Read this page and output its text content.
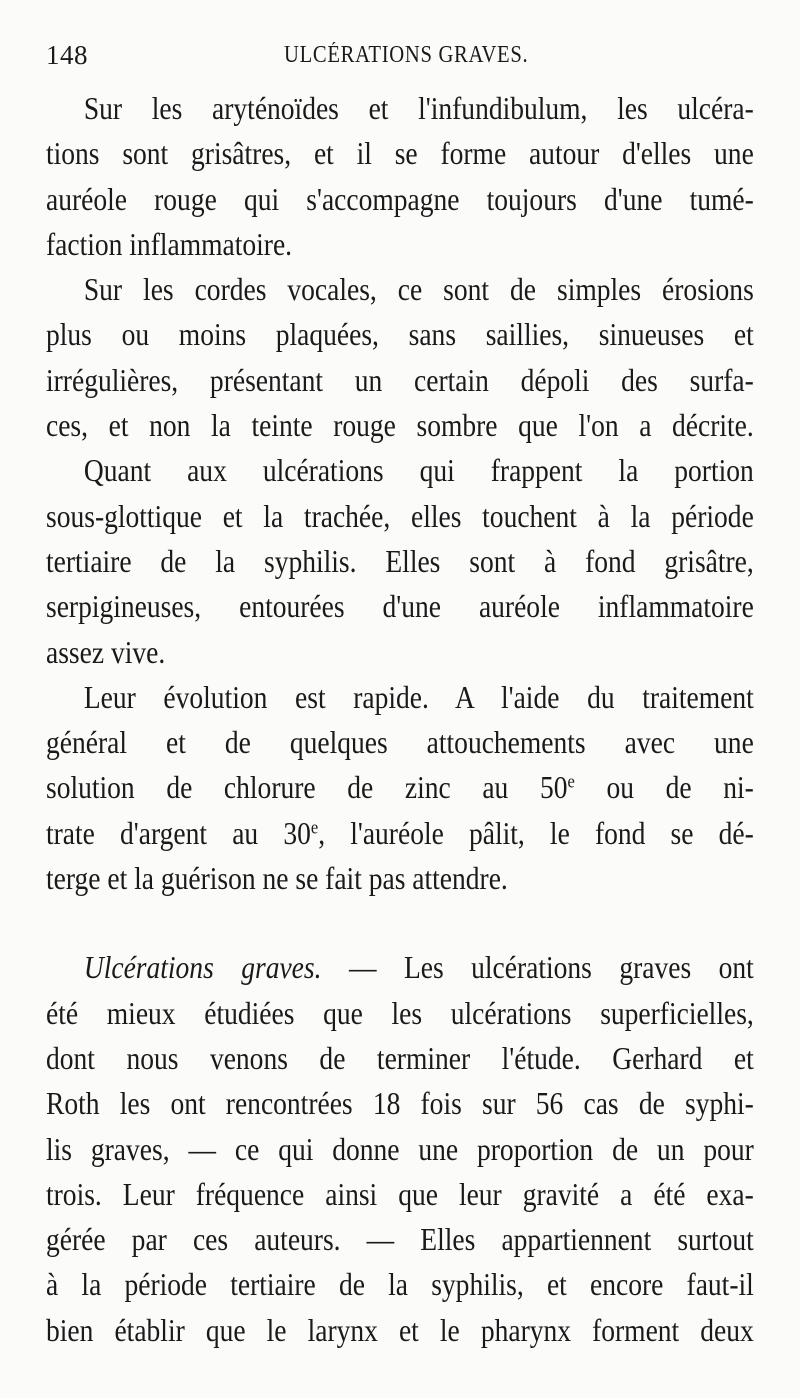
148	ULCÉRATIONS GRAVES.
Sur les aryténoïdes et l'infundibulum, les ulcéra-
tions sont grisâtres, et il se forme autour d'elles une
auréole rouge qui s'accompagne toujours d'une tumé-
faction inflammatoire.
Sur les cordes vocales, ce sont de simples érosions
plus ou moins plaquées, sans saillies, sinueuses et
irrégulières, présentant un certain dépoli des surfa-
ces, et non la teinte rouge sombre que l'on a décrite.
Quant aux ulcérations qui frappent la portion
sous-glottique et la trachée, elles touchent à la période
tertiaire de la syphilis. Elles sont à fond grisâtre,
serpigineuses, entourées d'une auréole inflammatoire
assez vive.
Leur évolution est rapide. A l'aide du traitement
général et de quelques attouchements avec une
solution de chlorure de zinc au 50e ou de ni-
trate d'argent au 30e, l'auréole pâlit, le fond se dé-
terge et la guérison ne se fait pas attendre.
Ulcérations graves. — Les ulcérations graves ont
été mieux étudiées que les ulcérations superficielles,
dont nous venons de terminer l'étude. Gerhard et
Roth les ont rencontrées 18 fois sur 56 cas de syphi-
lis graves, — ce qui donne une proportion de un pour
trois. Leur fréquence ainsi que leur gravité a été exa-
gérée par ces auteurs. — Elles appartiennent surtout
à la période tertiaire de la syphilis, et encore faut-il
bien établir que le larynx et le pharynx forment deux
